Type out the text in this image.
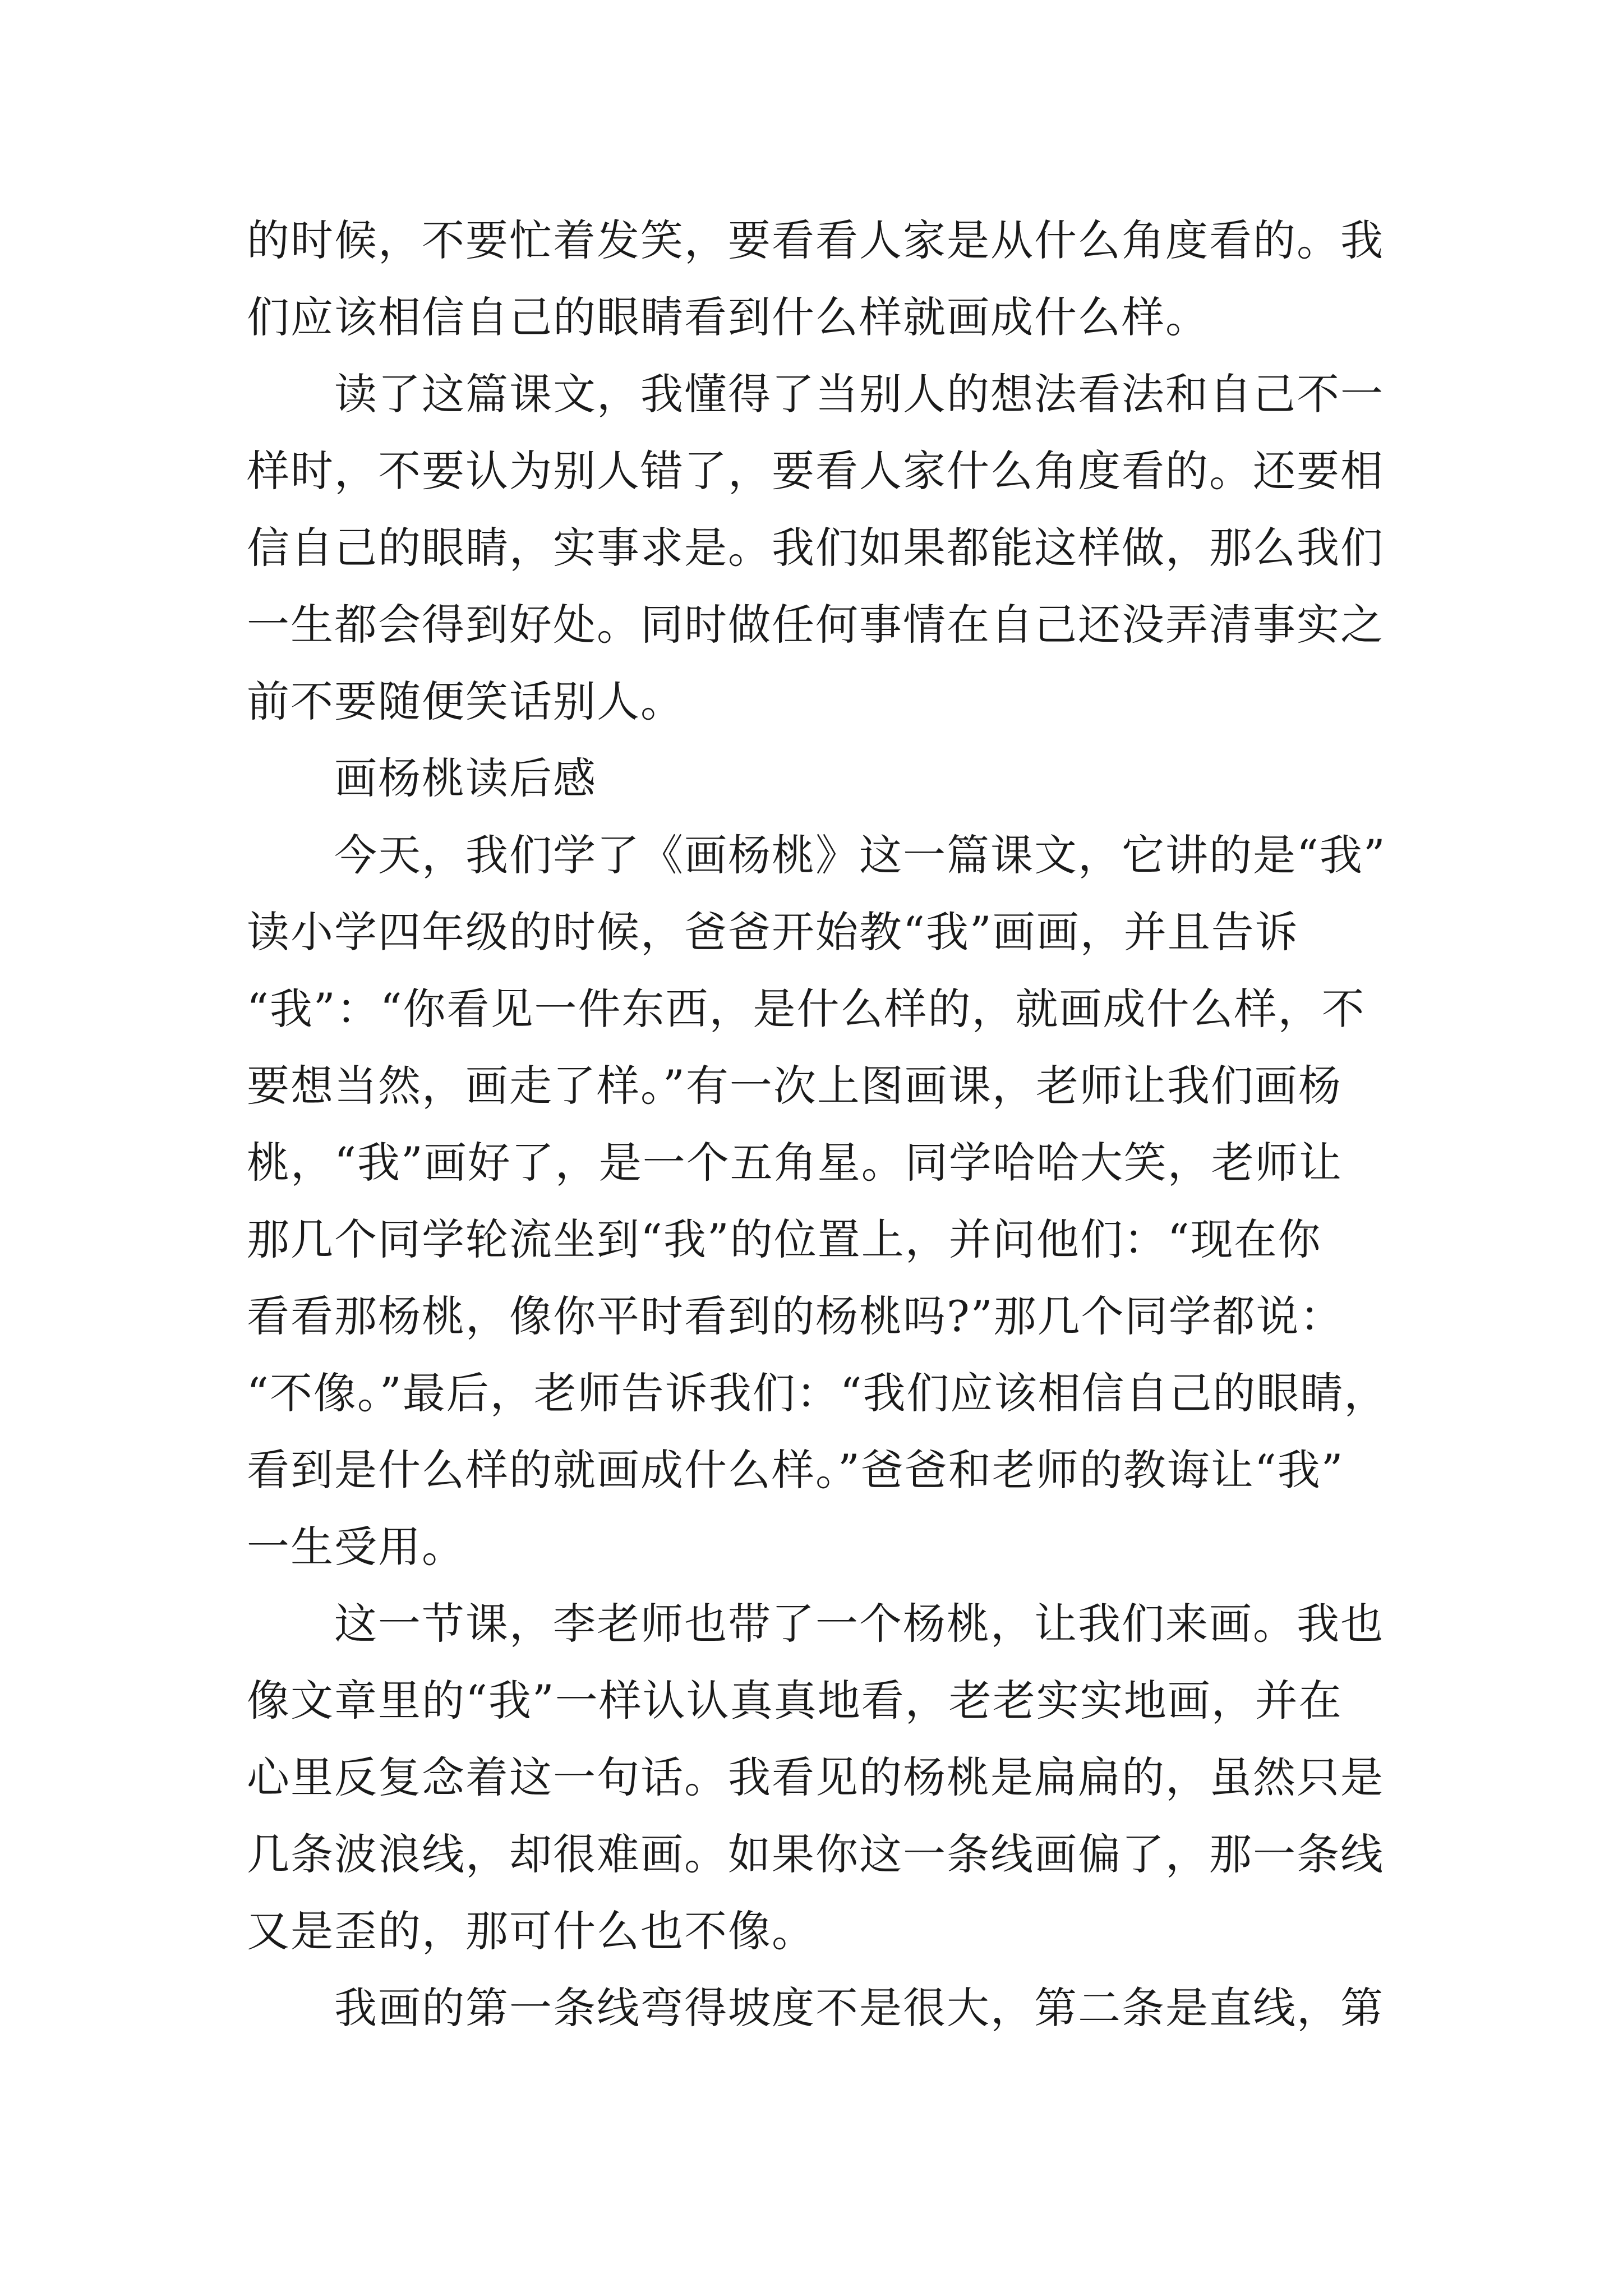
的时候，不要忙着发笑，要看看人家是从什么角度看的。我
们应该相信自己的眼睛看到什么样就画成什么样。
读了这篇课文，我懂得了当别人的想法看法和自己不一
样时，不要认为别人错了，要看人家什么角度看的。还要相
信自己的眼睛，实事求是。我们如果都能这样做，那么我们
一生都会得到好处。同时做任何事情在自己还没弄清事实之
前不要随便笑话别人。
画杨桃读后感
今天，我们学了《画杨桃》这一篇课文，它讲的是“我”
读小学四年级的时候，爸爸开始教“我”画画，并且告诉
“我”：“你看见一件东西，是什么样的，就画成什么样，不
要想当然，画走了样。”有一次上图画课，老师让我们画杨
桃，“我”画好了，是一个五角星。同学哈哈大笑，老师让
那几个同学轮流坐到“我”的位置上，并问他们：“现在你
看看那杨桃，像你平时看到的杨桃吗?”那几个同学都说：
“不像。”最后，老师告诉我们：“我们应该相信自己的眼睛，
看到是什么样的就画成什么样。”爸爸和老师的教诲让“我”
一生受用。
这一节课，李老师也带了一个杨桃，让我们来画。我也
像文章里的“我”一样认认真真地看，老老实实地画，并在
心里反复念着这一句话。我看见的杨桃是扁扁的，虽然只是
几条波浪线，却很难画。如果你这一条线画偏了，那一条线
又是歪的，那可什么也不像。
我画的第一条线弯得坡度不是很大，第二条是直线，第
